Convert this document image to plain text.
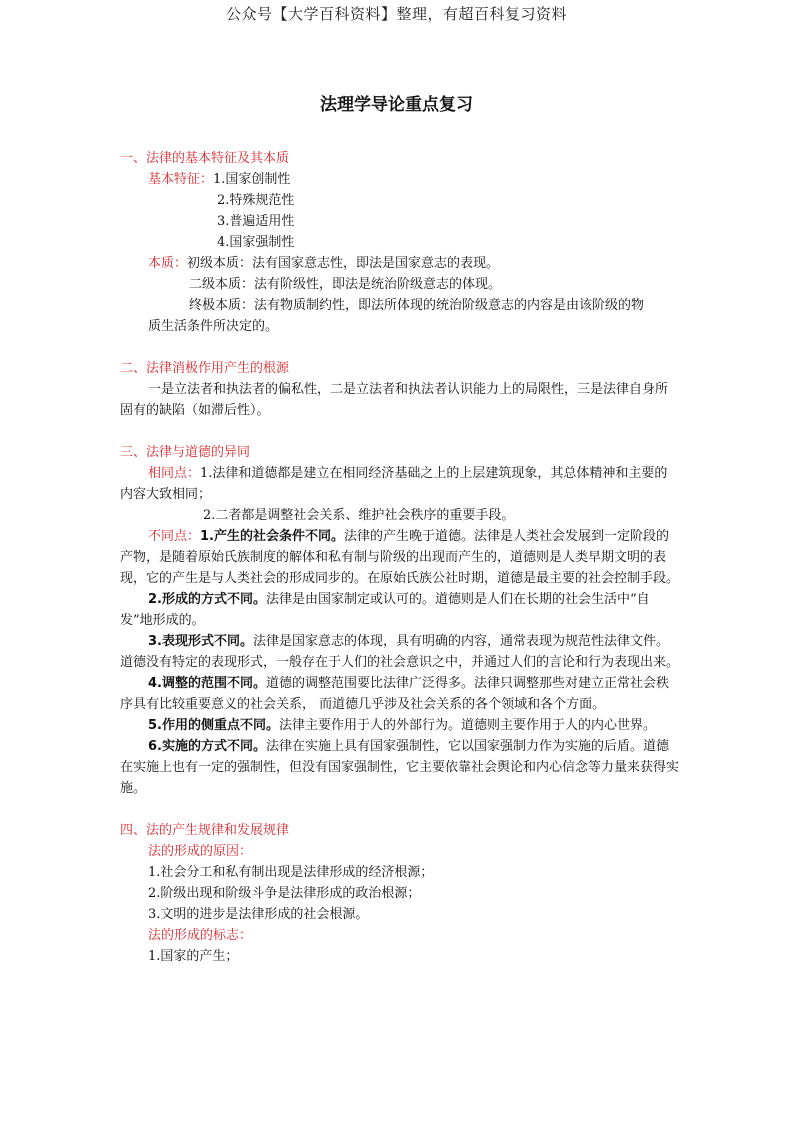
公众号【大学百科资料】整理，有超百科复习资料
法理学导论重点复习

一、法律的基本特征及其本质

基本特征：1.国家创制性

2.特殊规范性

3.普遍适用性

4.国家强制性

本质：初级本质：法有国家意志性，即法是国家意志的表现。

二级本质：法有阶级性，即法是统治阶级意志的体现。

终极本质：法有物质制约性，即法所体现的统治阶级意志的内容是由该阶级的物

质生活条件所决定的。

二、法律消极作用产生的根源

一是立法者和执法者的偏私性，二是立法者和执法者认识能力上的局限性，三是法律自身所固有的缺陷（如滞后性）。

三、法律与道德的异同

相同点：1.法律和道德都是建立在相同经济基础之上的上层建筑现象，其总体精神和主要的内容大致相同；

2.二者都是调整社会关系、维护社会秩序的重要手段。

不同点：1.产生的社会条件不同。法律的产生晚于道德。法律是人类社会发展到一定阶段的产物，是随着原始氏族制度的解体和私有制与阶级的出现而产生的，道德则是人类早期文明的表现，它的产生是与人类社会的形成同步的。在原始氏族公社时期，道德是最主要的社会控制手段。

2.形成的方式不同。法律是由国家制定或认可的。道德则是人们在长期的社会生活中“自发”地形成的。

3.表现形式不同。法律是国家意志的体现，具有明确的内容，通常表现为规范性法律文件。道德没有特定的表现形式，一般存在于人们的社会意识之中，并通过人们的言论和行为表现出来。

4.调整的范围不同。道德的调整范围要比法律广泛得多。法律只调整那些对建立正常社会秩序具有比较重要意义的社会关系， 而道德几乎涉及社会关系的各个领域和各个方面。

5.作用的侧重点不同。法律主要作用于人的外部行为。道德则主要作用于人的内心世界。

6.实施的方式不同。法律在实施上具有国家强制性，它以国家强制力作为实施的后盾。道德在实施上也有一定的强制性，但没有国家强制性，它主要依靠社会舆论和内心信念等力量来获得实施。

四、法的产生规律和发展规律

法的形成的原因：

1.社会分工和私有制出现是法律形成的经济根源；

2.阶级出现和阶级斗争是法律形成的政治根源；

3.文明的进步是法律形成的社会根源。

法的形成的标志：

1.国家的产生；
